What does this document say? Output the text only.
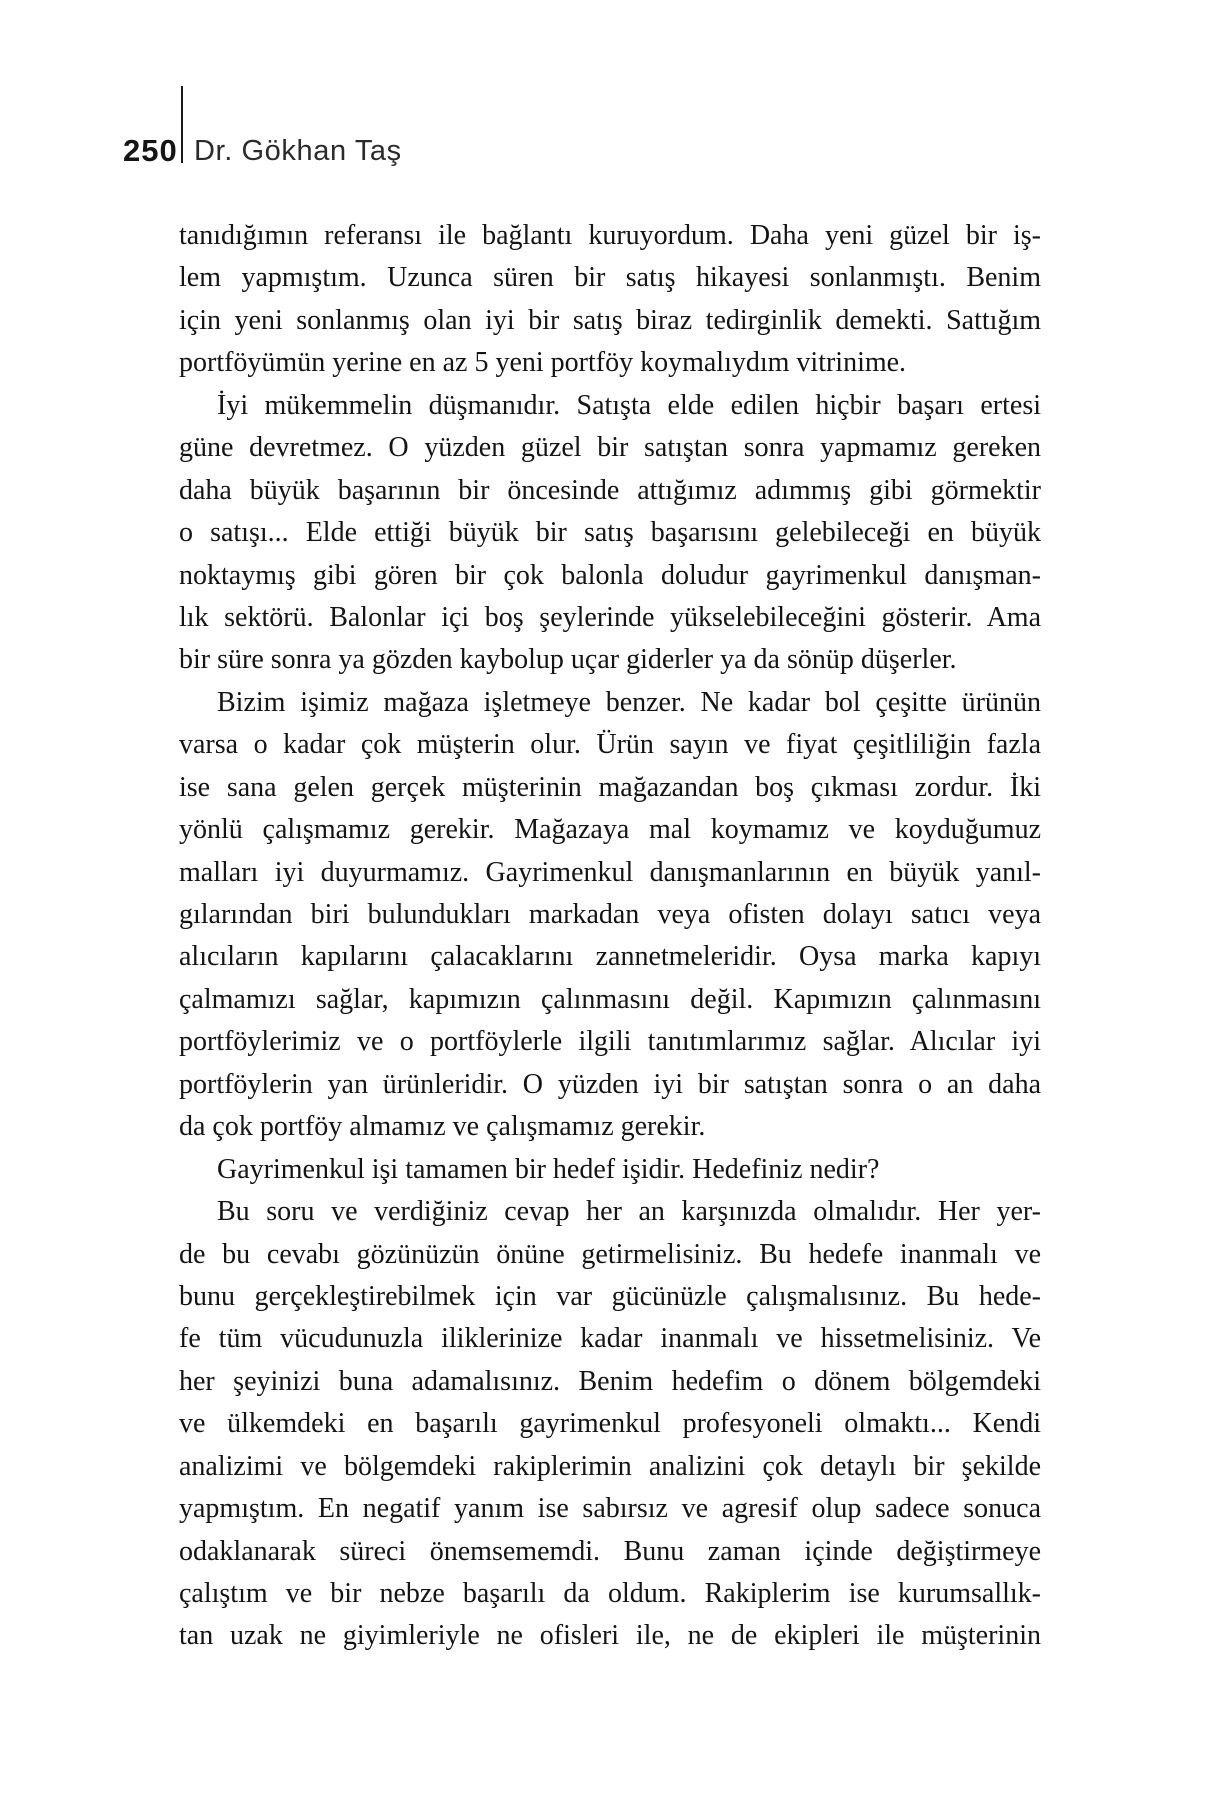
250 Dr. Gökhan Taş
tanıdığımın referansı ile bağlantı kuruyordum. Daha yeni güzel bir iş-
lem yapmıştım. Uzunca süren bir satış hikayesi sonlanmıştı. Benim
için yeni sonlanmış olan iyi bir satış biraz tedirginlik demekti. Sattığım
portföyümün yerine en az 5 yeni portföy koymalıydım vitrinime.
İyi mükemmelin düşmanıdır. Satışta elde edilen hiçbir başarı ertesi
güne devretmez. O yüzden güzel bir satıştan sonra yapmamız gereken
daha büyük başarının bir öncesinde attığımız adımmış gibi görmektir
o satışı... Elde ettiği büyük bir satış başarısını gelebileceği en büyük
noktaymış gibi gören bir çok balonla doludur gayrimenkul danışman-
lık sektörü. Balonlar içi boş şeylerinde yükselebileceğini gösterir. Ama
bir süre sonra ya gözden kaybolup uçar giderler ya da sönüp düşerler.
Bizim işimiz mağaza işletmeye benzer. Ne kadar bol çeşitte ürünün
varsa o kadar çok müşterin olur. Ürün sayın ve fiyat çeşitliliğin fazla
ise sana gelen gerçek müşterinin mağazandan boş çıkması zordur. İki
yönlü çalışmamız gerekir. Mağazaya mal koymamız ve koyduğumuz
malları iyi duyurmamız. Gayrimenkul danışmanlarının en büyük yanıl-
gılarından biri bulundukları markadan veya ofisten dolayı satıcı veya
alıcıların kapılarını çalacaklarını zannetmeleridir. Oysa marka kapıyı
çalmamızı sağlar, kapımızın çalınmasını değil. Kapımızın çalınmasını
portföylerimiz ve o portföylerle ilgili tanıtımlarımız sağlar. Alıcılar iyi
portföylerin yan ürünleridir. O yüzden iyi bir satıştan sonra o an daha
da çok portföy almamız ve çalışmamız gerekir.
Gayrimenkul işi tamamen bir hedef işidir. Hedefiniz nedir?
Bu soru ve verdiğiniz cevap her an karşınızda olmalıdır. Her yer-
de bu cevabı gözünüzün önüne getirmelisiniz. Bu hedefe inanmalı ve
bunu gerçekleştirebilmek için var gücünüzle çalışmalısınız. Bu hede-
fe tüm vücudunuzla iliklerinize kadar inanmalı ve hissetmelisiniz. Ve
her şeyinizi buna adamalısınız. Benim hedefim o dönem bölgemdeki
ve ülkemdeki en başarılı gayrimenkul profesyoneli olmaktı... Kendi
analizimi ve bölgemdeki rakiplerimin analizini çok detaylı bir şekilde
yapmıştım. En negatif yanım ise sabırsız ve agresif olup sadece sonuca
odaklanarak süreci önemsememdi. Bunu zaman içinde değiştirmeye
çalıştım ve bir nebze başarılı da oldum. Rakiplerim ise kurumsallık-
tan uzak ne giyimleriyle ne ofisleri ile, ne de ekipleri ile müşterinin
